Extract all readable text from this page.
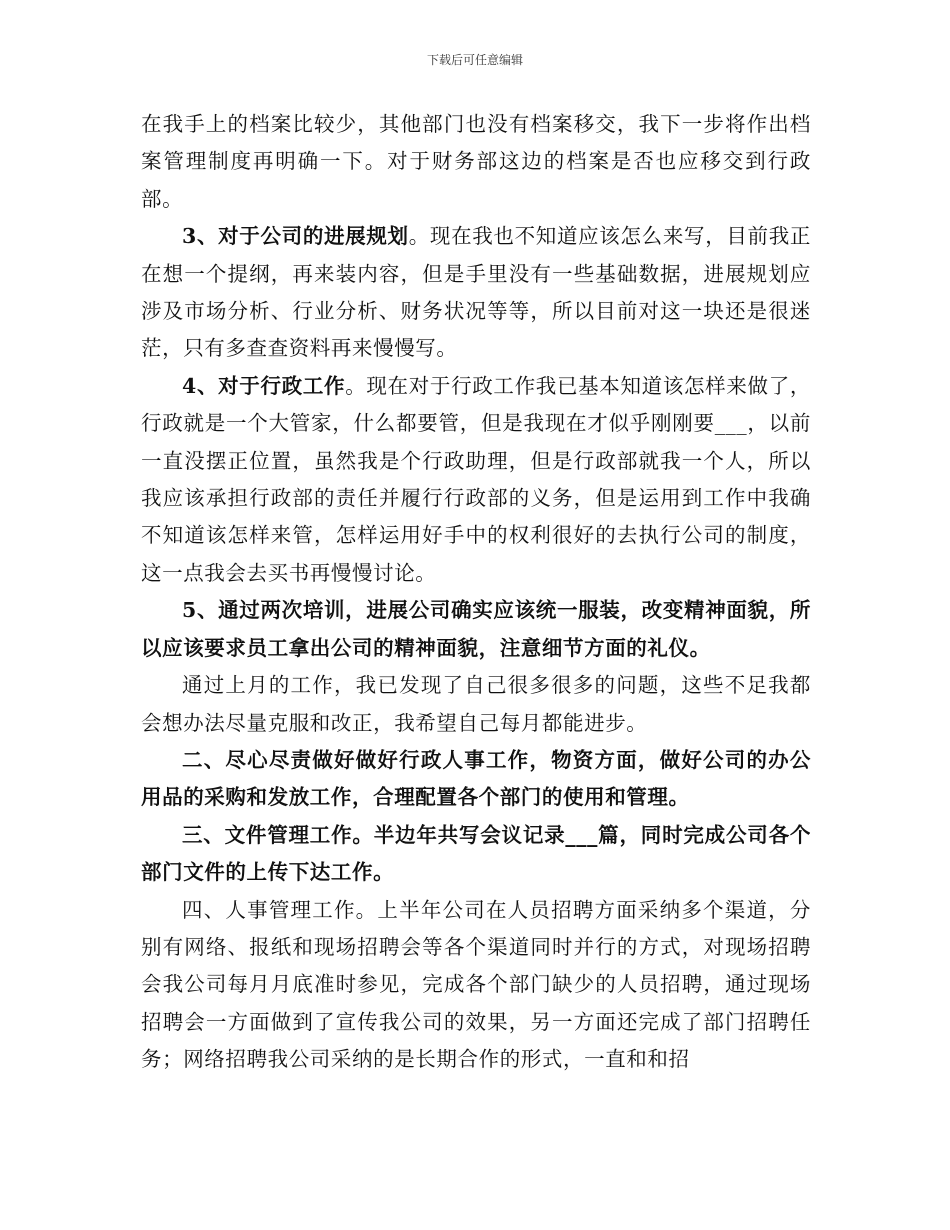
下载后可任意编辑

在我手上的档案比较少，其他部门也没有档案移交，我下一步将作出档案管理制度再明确一下。对于财务部这边的档案是否也应移交到行政部。

3、对于公司的进展规划。现在我也不知道应该怎么来写，目前我正在想一个提纲，再来装内容，但是手里没有一些基础数据，进展规划应涉及市场分析、行业分析、财务状况等等，所以目前对这一块还是很迷茫，只有多查查资料再来慢慢写。

4、对于行政工作。现在对于行政工作我已基本知道该怎样来做了，行政就是一个大管家，什么都要管，但是我现在才似乎刚刚要___，以前一直没摆正位置，虽然我是个行政助理，但是行政部就我一个人，所以我应该承担行政部的责任并履行行政部的义务，但是运用到工作中我确不知道该怎样来管，怎样运用好手中的权利很好的去执行公司的制度，这一点我会去买书再慢慢讨论。

5、通过两次培训，进展公司确实应该统一服装，改变精神面貌，所以应该要求员工拿出公司的精神面貌，注意细节方面的礼仪。

通过上月的工作，我已发现了自己很多很多的问题，这些不足我都会想办法尽量克服和改正，我希望自己每月都能进步。

二、尽心尽责做好做好行政人事工作，物资方面，做好公司的办公用品的采购和发放工作，合理配置各个部门的使用和管理。

三、文件管理工作。半边年共写会议记录___篇，同时完成公司各个部门文件的上传下达工作。

四、人事管理工作。上半年公司在人员招聘方面采纳多个渠道，分别有网络、报纸和现场招聘会等各个渠道同时并行的方式，对现场招聘会我公司每月月底准时参见，完成各个部门缺少的人员招聘，通过现场招聘会一方面做到了宣传我公司的效果，另一方面还完成了部门招聘任务；网络招聘我公司采纳的是长期合作的形式，一直和和招
